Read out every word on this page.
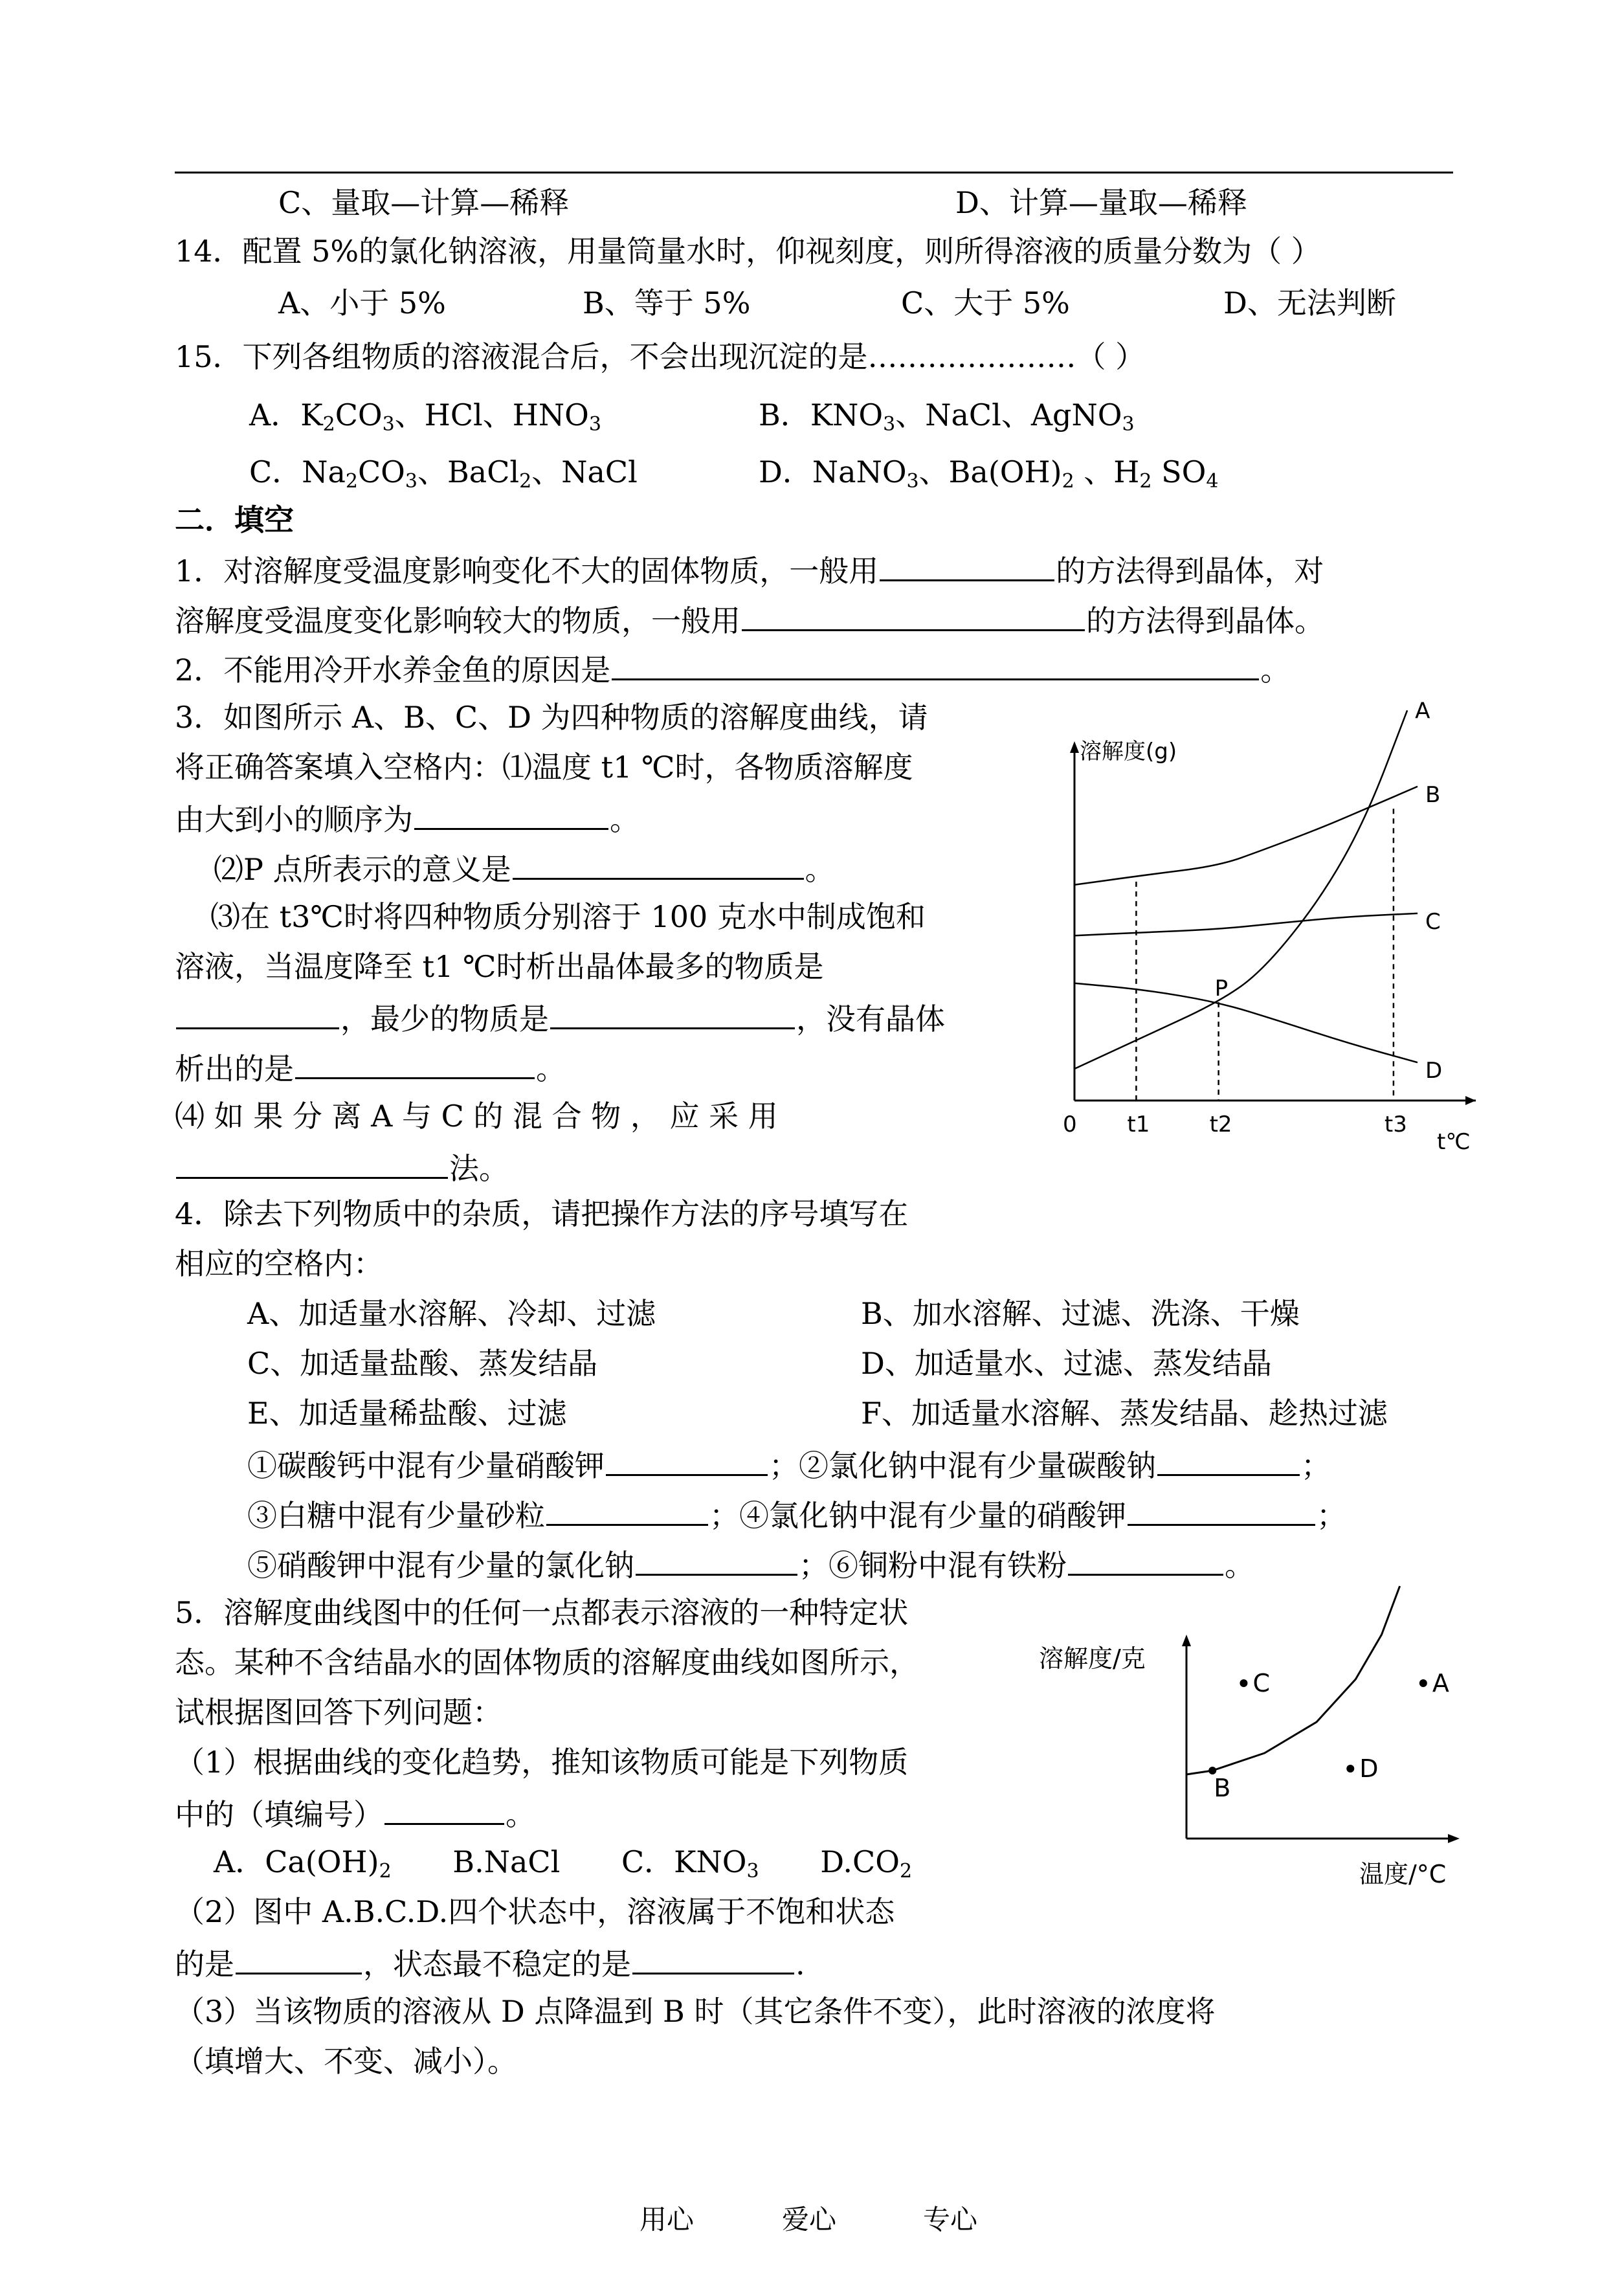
C、量取—计算—稀释	D、计算—量取—稀释
14．配置 5%的氯化钠溶液，用量筒量水时，仰视刻度，则所得溶液的质量分数为（ ）
A、小于 5%	B、等于 5%	C、大于 5%	D、无法判断
15．下列各组物质的溶液混合后，不会出现沉淀的是…………………（ ）
A．$K_2CO_3$、HCl、$HNO_3$	B．$KNO_3$、NaCl、AgNO$_3$
C．$Na_2CO_3$、BaCl$_2$、NaCl	D．NaNO$_3$、$Ba(OH)_2$ 、$H_2$ $SO_4$
二．填空
1．对溶解度受温度影响变化不大的固体物质，一般用	的方法得到晶体，对
溶解度受温度变化影响较大的物质，一般用	的方法得到晶体。
2．不能用冷开水养金鱼的原因是	。
3．如图所示 A、B、C、D 为四种物质的溶解度曲线，请
将正确答案填入空格内：⑴温度 t1 ℃时，各物质溶解度
由大到小的顺序为	。
⑵P 点所表示的意义是	。
⑶在 t3℃时将四种物质分别溶于 100 克水中制成饱和
溶液，当温度降至 t1 ℃时析出晶体最多的物质是
，最少的物质是	，没有晶体
析出的是	。
⑷ 如 果 分 离 A 与 C 的 混 合 物 ， 应 采 用
法。
溶解度(g)
t℃
0 t1	t2	t3
A
B
C
D
P
4．除去下列物质中的杂质，请把操作方法的序号填写在
相应的空格内：
A、加适量水溶解、冷却、过滤	B、加水溶解、过滤、洗涤、干燥
C、加适量盐酸、蒸发结晶	D、加适量水、过滤、蒸发结晶
E、加适量稀盐酸、过滤	F、加适量水溶解、蒸发结晶、趁热过滤
①碳酸钙中混有少量硝酸钾	；②氯化钠中混有少量碳酸钠	；
③白糖中混有少量砂粒	；④氯化钠中混有少量的硝酸钾	；
⑤硝酸钾中混有少量的氯化钠	；⑥铜粉中混有铁粉	。
5．溶解度曲线图中的任何一点都表示溶液的一种特定状
态。某种不含结晶水的固体物质的溶解度曲线如图所示，
试根据图回答下列问题：
（1）根据曲线的变化趋势，推知该物质可能是下列物质
中的（填编号）	。
A．$Ca(OH)_2$ B.NaCl C．$KNO_3$ $D.CO_2$
（2）图中 A.B.C.D.四个状态中，溶液属于不饱和状态
的是	，状态最不稳定的是	.
（3）当该物质的溶液从 D 点降温到 B 时（其它条件不变），此时溶液的浓度将
（填增大、不变、减小）。
溶解度/克
温度/°C
B
C
D
A
用心	爱心	专心
